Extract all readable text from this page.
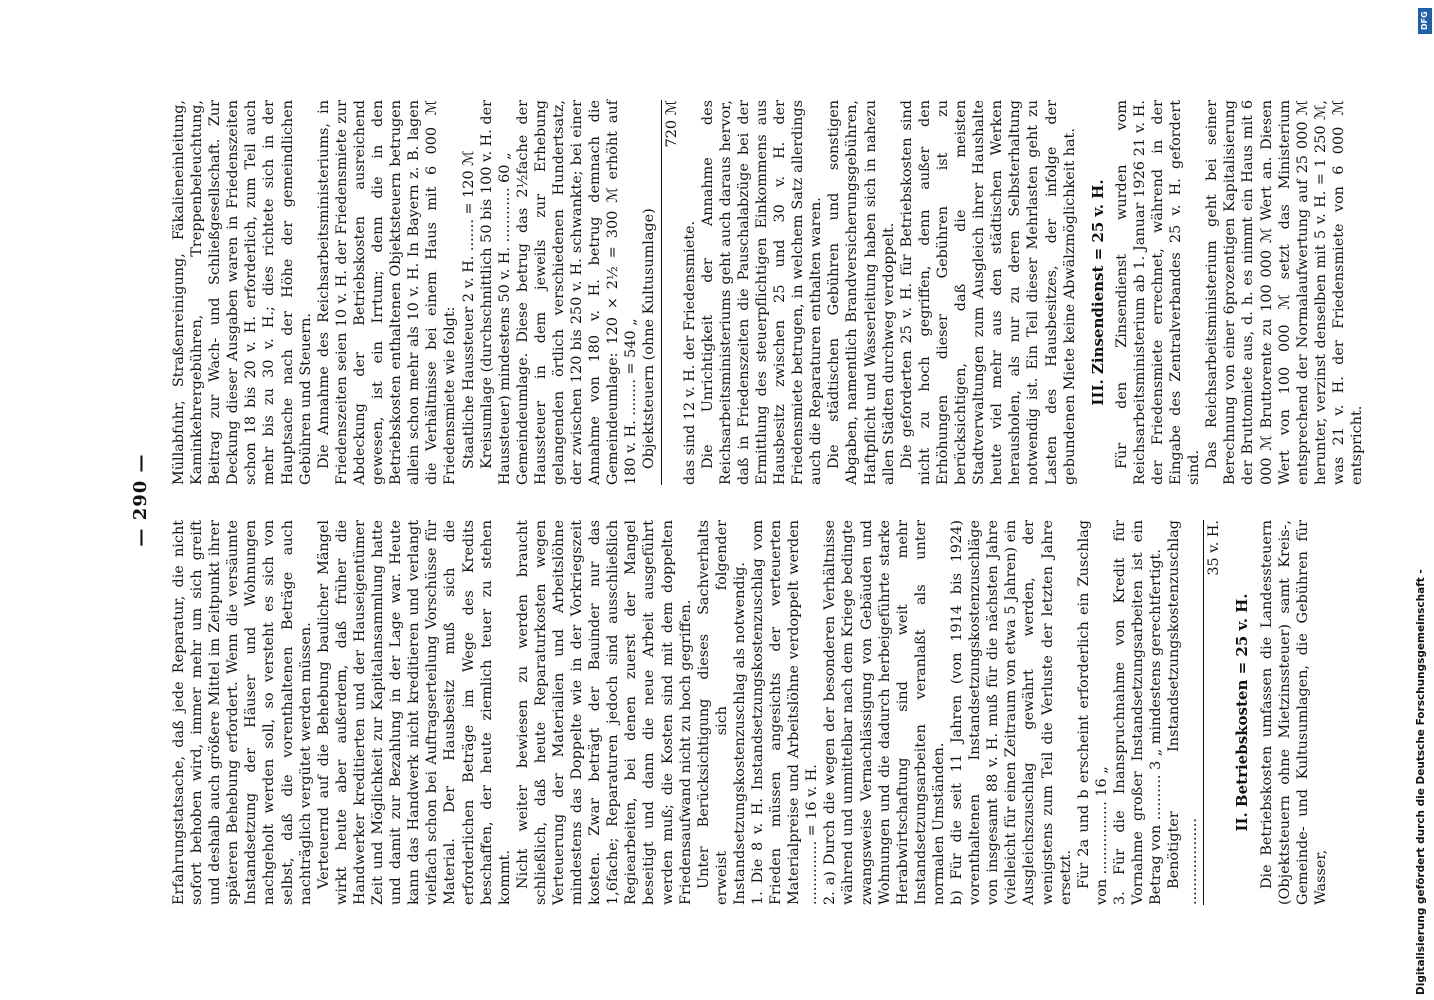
— 290 —

Erfahrungstatsache, daß jede Reparatur, die nicht sofort behoben wird, immer mehr um sich greift und deshalb auch größere Mittel im Zeitpunkt ihrer späteren Behebung erfordert. Wenn die versäumte Instandsetzung der Häuser und Wohnungen nachgeholt werden soll, so versteht es sich von selbst, daß die vorenthaltenen Beträge auch nachträglich vergütet werden müssen. Verteuernd auf die Behebung baulicher Mängel wirkt heute aber außerdem, daß früher die Handwerker kreditierten und der Hauseigentümer Zeit und Möglichkeit zur Kapitalansammlung hatte und damit zur Bezahlung in der Lage war. Heute kann das Handwerk nicht kreditieren und verlangt vielfach schon bei Auftragserteilung Vorschüsse für Material. Der Hausbesitz muß sich die erforderlichen Beträge im Wege des Kredits beschaffen, der heute ziemlich teuer zu stehen kommt. Nicht weiter bewiesen zu werden braucht schließlich, daß heute Reparaturkosten wegen Verteuerung der Materialien und Arbeitslöhne mindestens das Doppelte wie in der Vorkriegszeit kosten. Zwar beträgt der Bauinder nur das 1,6fache; Reparaturen jedoch sind ausschließlich Regiearbeiten, bei denen zuerst der Mangel beseitigt und dann die neue Arbeit ausgeführt werden muß; die Kosten sind mit dem doppelten Friedensaufwand nicht zu hoch gegriffen. Unter Berücksichtigung dieses Sachverhalts erweist sich folgender Instandsetzungskostenzuschlag als notwendig. 1. Die 8 v. H. Instandsetzungskostenzuschlag vom Frieden müssen angesichts der verteuerten Materialpreise und Arbeitslöhne verdoppelt werden .............. = 16 v. H. 2. a) Durch die wegen der besonderen Verhältnisse während und unmittelbar nach dem Kriege bedingte zwangsweise Vernachlässigung von Gebäuden und Wohnungen und die dadurch herbeigeführte starke Herabwirtschaftung sind weit mehr Instandsetzungsarbeiten veranlaßt als unter normalen Umständen. b) Für die seit 11 Jahren (von 1914 bis 1924) vorenthaltenen Instandsetzungskostenzuschläge von insgesamt 88 v. H. muß für die nächsten Jahre (vielleicht für einen Zeitraum von etwa 5 Jahren) ein Ausgleichszuschlag gewährt werden, der wenigstens zum Teil die Verluste der letzten Jahre ersetzt. Für 2a und b erscheint erforderlich ein Zuschlag von ................ 16 „ 3. Für die Inanspruchnahme von Kredit für Vornahme großer Instandsetzungsarbeiten ist ein Betrag von .......... 3 „ mindestens gerechtfertigt. Benötigter Instandsetzungskostenzuschlag ...................

35 v. H.
II. Betriebskosten = 25 v. H. Die Betriebskosten umfassen die Landessteuern (Objektsteuern ohne Mietzinssteuer) samt Kreis-, Gemeinde- und Kultusumlagen, die Gebühren für Wasser,

Müllabfuhr, Straßenreinigung, Fäkalieneinleitung, Kaminkehrergebühren, Treppenbeleuchtung, Beitrag zur Wach- und Schließgesellschaft. Zur Deckung dieser Ausgaben waren in Friedenszeiten schon 18 bis 20 v. H. erforderlich, zum Teil auch mehr bis zu 30 v. H.; dies richtete sich in der Hauptsache nach der Höhe der gemeindlichen Gebühren und Steuern. Die Annahme des Reichsarbeitsministeriums, in Friedenszeiten seien 10 v. H. der Friedensmiete zur Abdeckung der Betriebskosten ausreichend gewesen, ist ein Irrtum; denn die in den Betriebskosten enthaltenen Objektsteuern betrugen allein schon mehr als 10 v. H. In Bayern z. B. lagen die Verhältnisse bei einem Haus mit 6 000 ℳ Friedensmiete wie folgt: Staatliche Haussteuer 2 v. H. ....... = 120 ℳ Kreisumlage (durchschnittlich 50 bis 100 v. H. der Haussteuer) mindestens 50 v. H. ............ 60 „ Gemeindeumlage. Diese betrug das 2½fache der Haussteuer in dem jeweils zur Erhebung gelangenden örtlich verschiedenen Hundertsatz, der zwischen 120 bis 250 v. H. schwankte; bei einer Annahme von 180 v. H. betrug demnach die Gemeindeumlage: 120 × 2½ = 300 ℳ erhöht auf 180 v. H. ........ = 540 „ Objektsteuern (ohne Kultusumlage)

720 ℳ

das sind 12 v. H. der Friedensmiete. Die Unrichtigkeit der Annahme des Reichsarbeitsministeriums geht auch daraus hervor, daß in Friedenszeiten die Pauschalabzüge bei der Ermittlung des steuerpflichtigen Einkommens aus Hausbesitz zwischen 25 und 30 v. H. der Friedensmiete betrugen, in welchem Satz allerdings auch die Reparaturen enthalten waren. Die städtischen Gebühren und sonstigen Abgaben, namentlich Brandversicherungsgebühren, Haftpflicht und Wasserleitung haben sich in nahezu allen Städten durchweg verdoppelt. Die geforderten 25 v. H. für Betriebskosten sind nicht zu hoch gegriffen, denn außer den Erhöhungen dieser Gebühren ist zu berücksichtigen, daß die meisten Stadtverwaltungen zum Ausgleich ihrer Haushalte heute viel mehr aus den städtischen Werken herausholen, als nur zu deren Selbsterhaltung notwendig ist. Ein Teil dieser Mehrlasten geht zu Lasten des Hausbesitzes, der infolge der gebundenen Miete keine Abwälzmöglichkeit hat. III. Zinsendienst = 25 v. H. Für den Zinsendienst wurden vom Reichsarbeitsministerium ab 1. Januar 1926 21 v. H. der Friedensmiete errechnet, während in der Eingabe des Zentralverbandes 25 v. H. gefordert sind. Das Reichsarbeitsministerium geht bei seiner Berechnung von einer 6prozentigen Kapitalisierung der Bruttomiete aus, d. h. es nimmt ein Haus mit 6 000 ℳ Bruttorente zu 100 000 ℳ Wert an. Diesen Wert von 100 000 ℳ setzt das Ministerium entsprechend der Normalaufwertung auf 25 000 ℳ herunter, verzinst denselben mit 5 v. H. = 1 250 ℳ, was 21 v. H. der Friedensmiete von 6 000 ℳ entspricht.

Digitalisierung gefördert durch die Deutsche Forschungsgemeinschaft -
DFG
